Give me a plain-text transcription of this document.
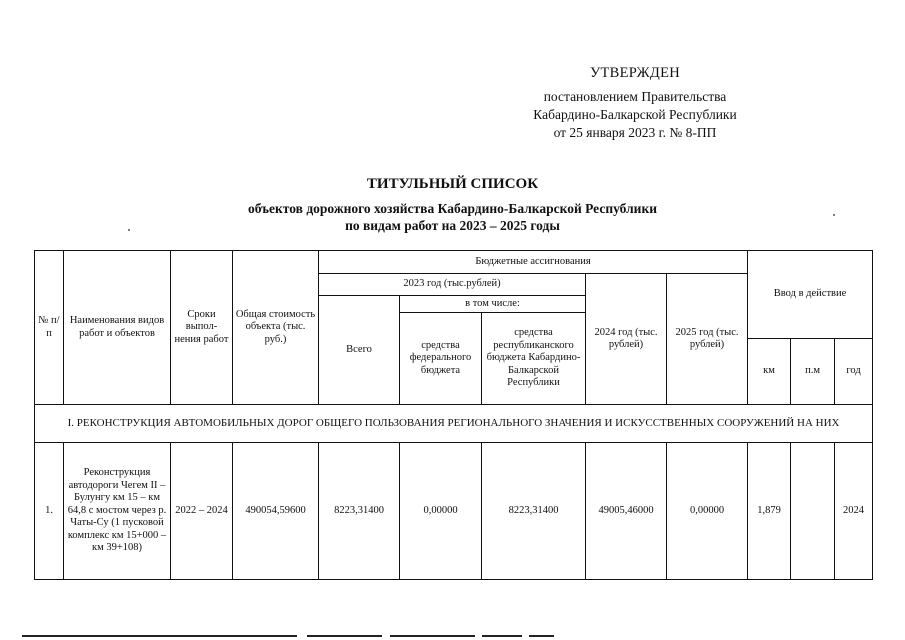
УТВЕРЖДЕН
постановлением Правительства
Кабардино-Балкарской Республики
от 25 января 2023 г. № 8-ПП
ТИТУЛЬНЫЙ СПИСОК
объектов дорожного хозяйства Кабардино-Балкарской Республики
по видам работ на 2023 – 2025 годы
№ п/п	Наименования видов работ и объектов	Сроки выпол-нения работ	Общая стоимость объекта (тыс. руб.)	Бюджетные ассигнования					Ввод в действие		
				2023 год (тыс.рублей)			2024 год (тыс. рублей)	2025 год (тыс. рублей)			
				Всего	в том числе:						
					средства федерального бюджета	средства республиканского бюджета Кабардино-Балкарской Республики					
									км	п.м	год
I. РЕКОНСТРУКЦИЯ АВТОМОБИЛЬНЫХ ДОРОГ ОБЩЕГО ПОЛЬЗОВАНИЯ РЕГИОНАЛЬНОГО ЗНАЧЕНИЯ И ИСКУССТВЕННЫХ СООРУЖЕНИЙ НА НИХ											
1.	Реконструкция автодороги Чегем II – Булунгу км 15 – км 64,8 с мостом через р. Чаты-Су (1 пусковой комплекс км 15+000 – км 39+108)	2022 – 2024	490054,59600	8223,31400	0,00000	8223,31400	49005,46000	0,00000	1,879		2024
